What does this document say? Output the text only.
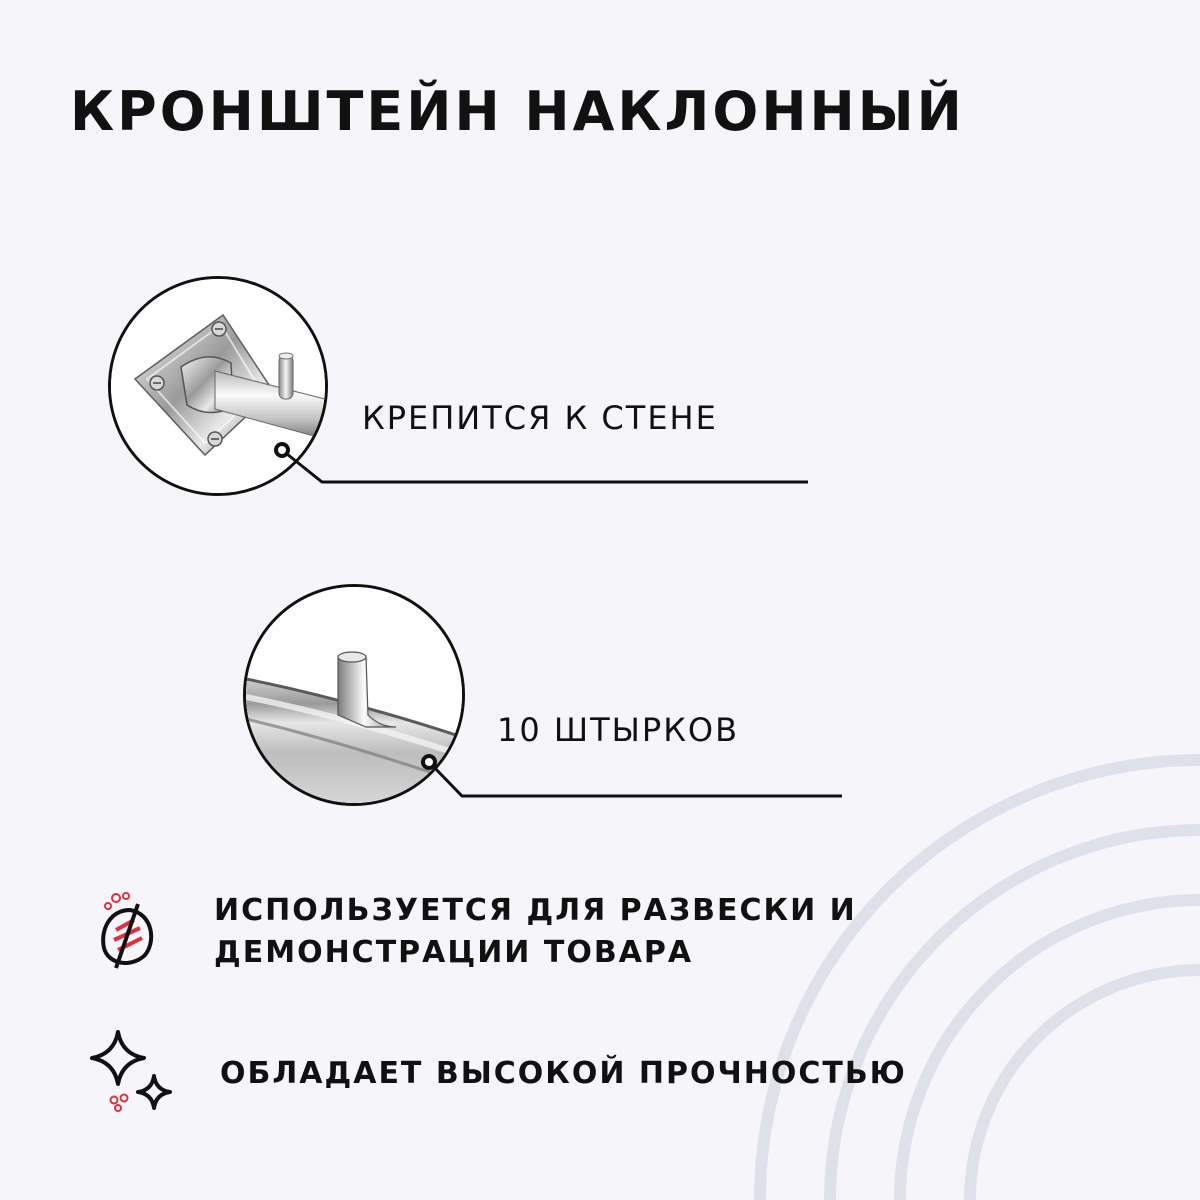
КРОНШТЕЙН НАКЛОННЫЙ
КРЕПИТСЯ К СТЕНЕ
10 ШТЫРКОВ
ИСПОЛЬЗУЕТСЯ ДЛЯ РАЗВЕСКИ И ДЕМОНСТРАЦИИ ТОВАРА
ОБЛАДАЕТ ВЫСОКОЙ ПРОЧНОСТЬЮ
